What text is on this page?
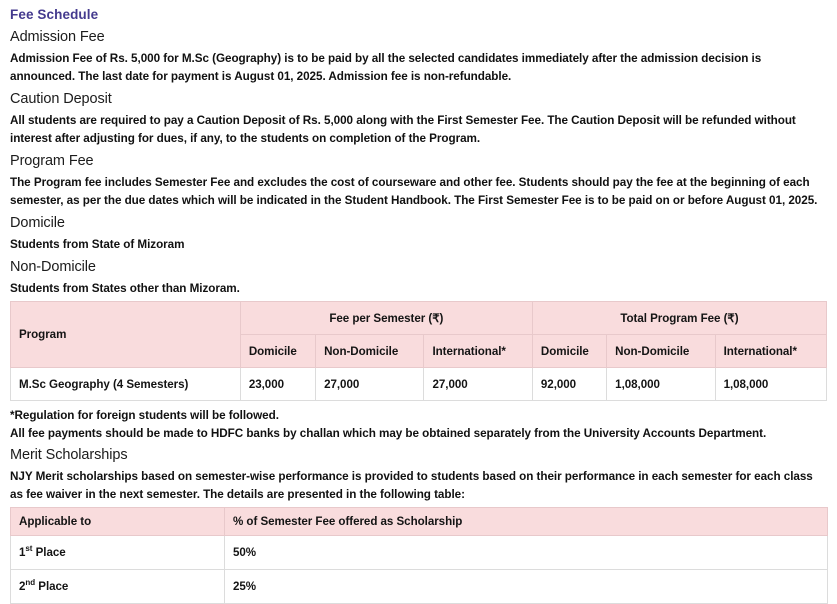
Fee Schedule
Admission Fee

Admission Fee of Rs. 5,000 for M.Sc (Geography) is to be paid by all the selected candidates immediately after the admission decision is announced. The last date for payment is August 01, 2025. Admission fee is non-refundable.

Caution Deposit

All students are required to pay a Caution Deposit of Rs. 5,000 along with the First Semester Fee. The Caution Deposit will be refunded without interest after adjusting for dues, if any, to the students on completion of the Program.

Program Fee

The Program fee includes Semester Fee and excludes the cost of courseware and other fee. Students should pay the fee at the beginning of each semester, as per the due dates which will be indicated in the Student Handbook. The First Semester Fee is to be paid on or before August 01, 2025.

Domicile

Students from State of Mizoram

Non-Domicile

Students from States other than Mizoram.

Program	Fee per Semester (₹)			Total Program Fee (₹)		
	Domicile	Non-Domicile	International*	Domicile	Non-Domicile	International*
M.Sc Geography (4 Semesters)	23,000	27,000	27,000	92,000	1,08,000	1,08,000

*Regulation for foreign students will be followed.

All fee payments should be made to HDFC banks by challan which may be obtained separately from the University Accounts Department.

Merit Scholarships

NJY Merit scholarships based on semester-wise performance is provided to students based on their performance in each semester for each class as fee waiver in the next semester. The details are presented in the following table:

Applicable to	% of Semester Fee offered as Scholarship
1st Place	50%
2nd Place	25%
